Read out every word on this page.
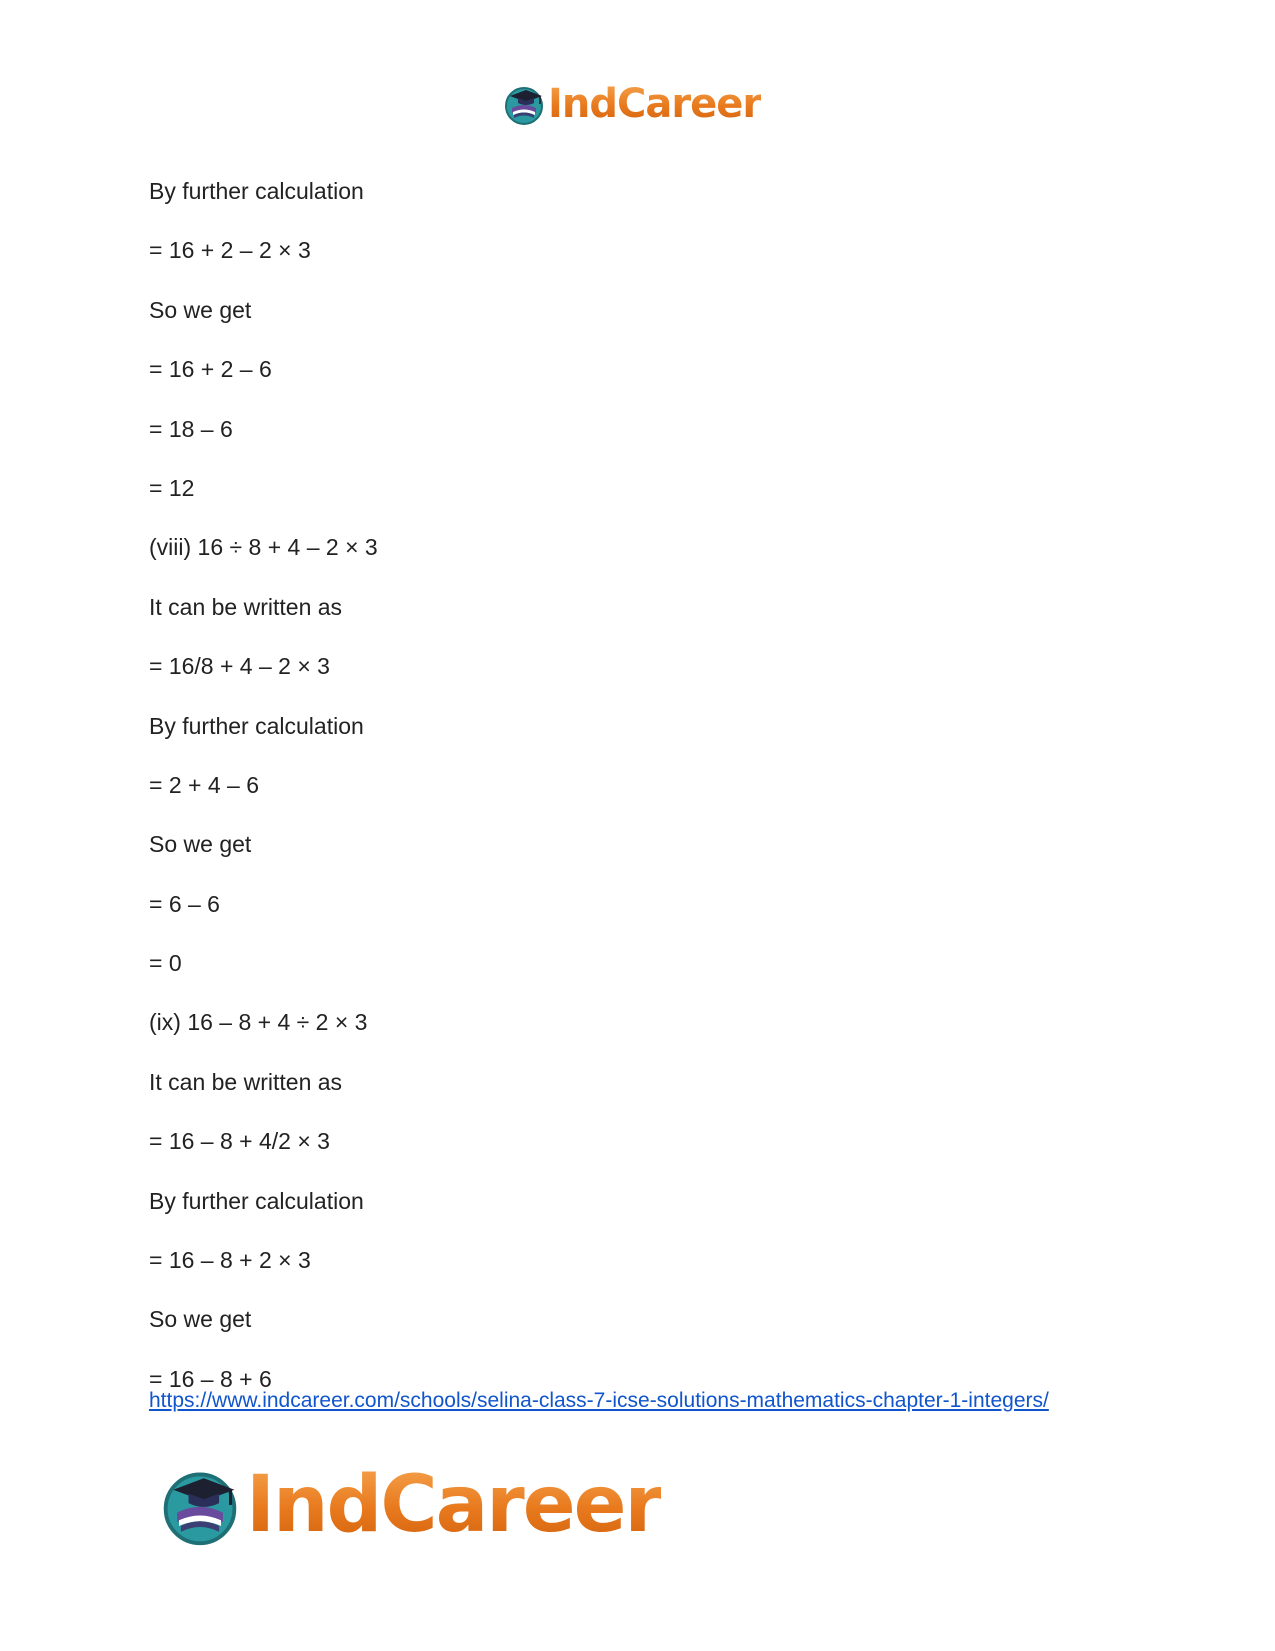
IndCareer
By further calculation
= 16 + 2 – 2 × 3
So we get
= 16 + 2 – 6
= 18 – 6
= 12
(viii) 16 ÷ 8 + 4 – 2 × 3
It can be written as
= 16/8 + 4 – 2 × 3
By further calculation
= 2 + 4 – 6
So we get
= 6 – 6
= 0
(ix) 16 – 8 + 4 ÷ 2 × 3
It can be written as
= 16 – 8 + 4/2 × 3
By further calculation
= 16 – 8 + 2 × 3
So we get
= 16 – 8 + 6
https://www.indcareer.com/schools/selina-class-7-icse-solutions-mathematics-chapter-1-integers/
IndCareer
